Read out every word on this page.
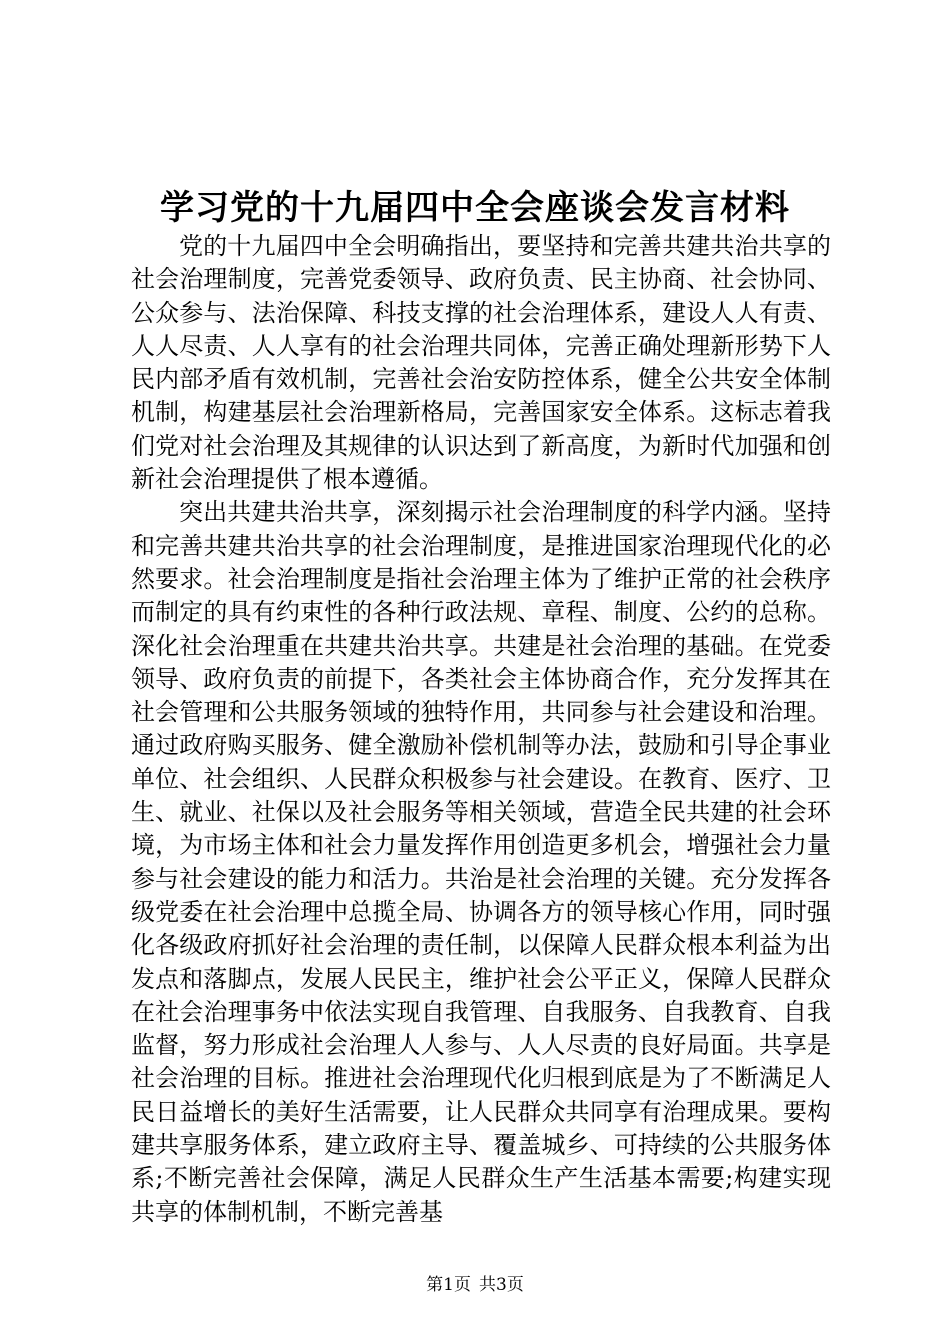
学习党的十九届四中全会座谈会发言材料

党的十九届四中全会明确指出，要坚持和完善共建共治共享的社会治理制度，完善党委领导、政府负责、民主协商、社会协同、公众参与、法治保障、科技支撑的社会治理体系，建设人人有责、人人尽责、人人享有的社会治理共同体，完善正确处理新形势下人民内部矛盾有效机制，完善社会治安防控体系，健全公共安全体制机制，构建基层社会治理新格局，完善国家安全体系。这标志着我们党对社会治理及其规律的认识达到了新高度，为新时代加强和创新社会治理提供了根本遵循。

突出共建共治共享，深刻揭示社会治理制度的科学内涵。坚持和完善共建共治共享的社会治理制度，是推进国家治理现代化的必然要求。社会治理制度是指社会治理主体为了维护正常的社会秩序而制定的具有约束性的各种行政法规、章程、制度、公约的总称。深化社会治理重在共建共治共享。共建是社会治理的基础。在党委领导、政府负责的前提下，各类社会主体协商合作，充分发挥其在社会管理和公共服务领域的独特作用，共同参与社会建设和治理。通过政府购买服务、健全激励补偿机制等办法，鼓励和引导企事业单位、社会组织、人民群众积极参与社会建设。在教育、医疗、卫生、就业、社保以及社会服务等相关领域，营造全民共建的社会环境，为市场主体和社会力量发挥作用创造更多机会，增强社会力量参与社会建设的能力和活力。共治是社会治理的关键。充分发挥各级党委在社会治理中总揽全局、协调各方的领导核心作用，同时强化各级政府抓好社会治理的责任制，以保障人民群众根本利益为出发点和落脚点，发展人民民主，维护社会公平正义，保障人民群众在社会治理事务中依法实现自我管理、自我服务、自我教育、自我监督，努力形成社会治理人人参与、人人尽责的良好局面。共享是社会治理的目标。推进社会治理现代化归根到底是为了不断满足人民日益增长的美好生活需要，让人民群众共同享有治理成果。要构建共享服务体系，建立政府主导、覆盖城乡、可持续的公共服务体系;不断完善社会保障，满足人民群众生产生活基本需要;构建实现共享的体制机制，不断完善基

第1页 共3页
